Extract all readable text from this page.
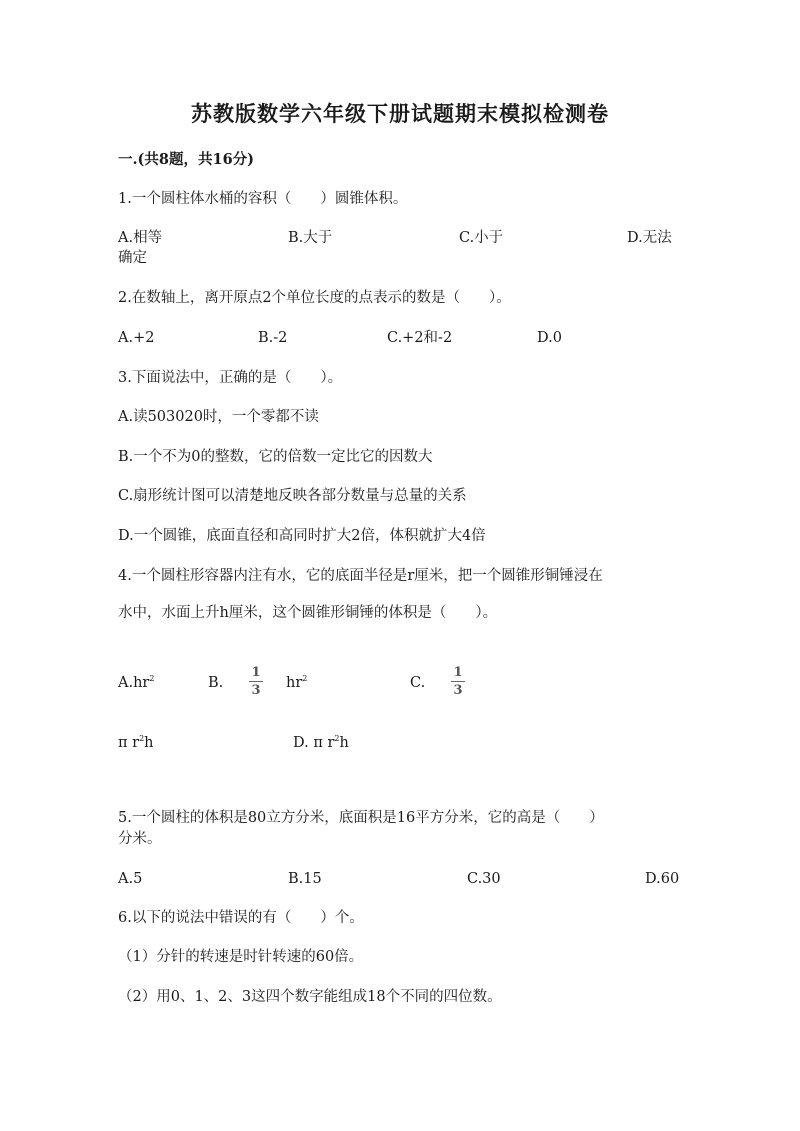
苏教版数学六年级下册试题期末模拟检测卷
一.(共8题，共16分)
1.一个圆柱体水桶的容积（　　）圆锥体积。
A.相等	B.大于	C.小于	D.无法
确定
2.在数轴上，离开原点2个单位长度的点表示的数是（　　）。
A.+2	B.-2	C.+2和-2	D.0
3.下面说法中，正确的是（　　）。
A.读503020时，一个零都不读
B.一个不为0的整数，它的倍数一定比它的因数大
C.扇形统计图可以清楚地反映各部分数量与总量的关系
D.一个圆锥，底面直径和高同时扩大2倍，体积就扩大4倍
4.一个圆柱形容器内注有水，它的底面半径是r厘米，把一个圆锥形铜锤浸在
水中，水面上升h厘米，这个圆锥形铜锤的体积是（　　）。
$A.hr^2$	B.
1
3	$hr^2$	C.
1
3
π $r^2h$	D. π $r^2h$
5.一个圆柱的体积是80立方分米，底面积是16平方分米，它的高是（　　）
分米。
A.5	B.15	C.30	D.60
6.以下的说法中错误的有（　　）个。
（1）分针的转速是时针转速的60倍。
（2）用0、1、2、3这四个数字能组成18个不同的四位数。
